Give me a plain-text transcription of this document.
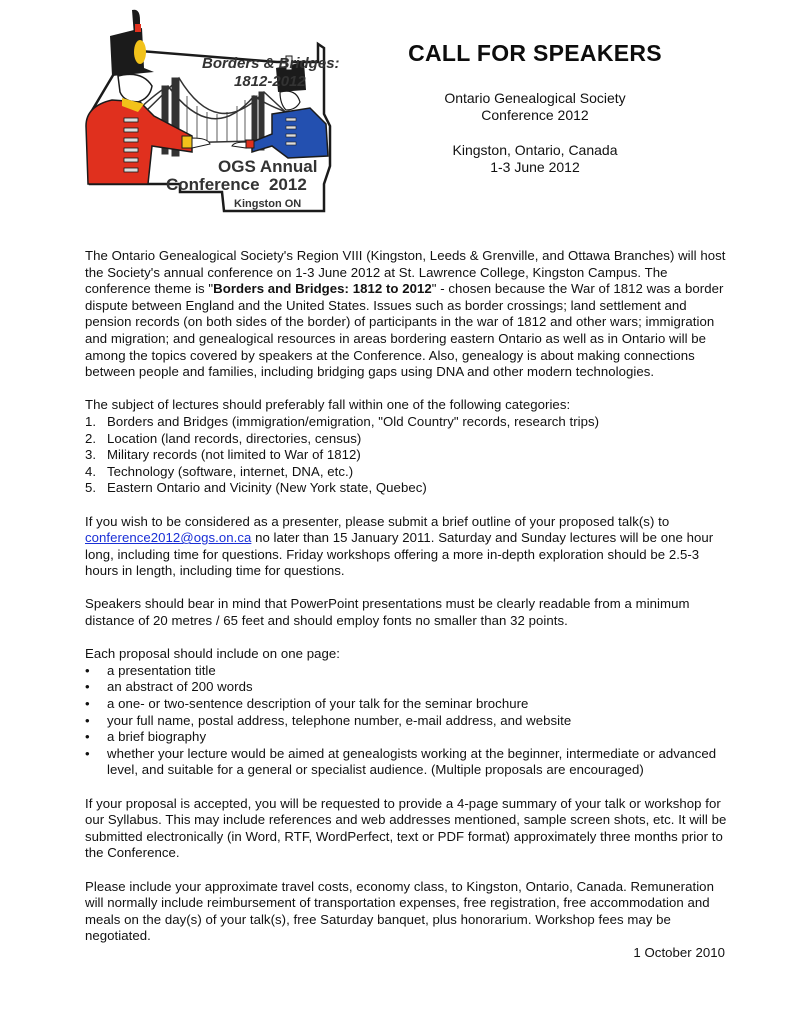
Borders & Bridges:
1812-2012
OGS Annual
Conference  2012
Kingston ON
CALL FOR SPEAKERS

Ontario Genealogical Society

Conference 2012

Kingston, Ontario, Canada

1-3 June 2012

The Ontario Genealogical Society's Region VIII (Kingston, Leeds & Grenville, and Ottawa Branches) will host the Society's annual conference on 1-3 June 2012 at St. Lawrence College, Kingston Campus. The conference theme is "Borders and Bridges: 1812 to 2012" - chosen because the War of 1812 was a border dispute between England and the United States. Issues such as border crossings; land settlement and pension records (on both sides of the border) of participants in the war of 1812 and other wars; immigration and migration; and genealogical resources in areas bordering eastern Ontario as well as in Ontario will be among the topics covered by speakers at the Conference. Also, genealogy is about making connections between people and families, including bridging gaps using DNA and other modern technologies.

The subject of lectures should preferably fall within one of the following categories:

1. Borders and Bridges (immigration/emigration, "Old Country" records, research trips)
2. Location (land records, directories, census)
3. Military records (not limited to War of 1812)
4. Technology (software, internet, DNA, etc.)
5. Eastern Ontario and Vicinity (New York state, Quebec)

If you wish to be considered as a presenter, please submit a brief outline of your proposed talk(s) to conference2012@ogs.on.ca no later than 15 January 2011. Saturday and Sunday lectures will be one hour long, including time for questions. Friday workshops offering a more in-depth exploration should be 2.5-3 hours in length, including time for questions.

Speakers should bear in mind that PowerPoint presentations must be clearly readable from a minimum distance of 20 metres / 65 feet and should employ fonts no smaller than 32 points.

Each proposal should include on one page:

•	a presentation title
•	an abstract of 200 words
•	a one- or two-sentence description of your talk for the seminar brochure
•	your full name, postal address, telephone number, e-mail address, and website
•	a brief biography
•	whether your lecture would be aimed at genealogists working at the beginner, intermediate or advanced level, and suitable for a general or specialist audience. (Multiple proposals are encouraged)

If your proposal is accepted, you will be requested to provide a 4-page summary of your talk or workshop for our Syllabus. This may include references and web addresses mentioned, sample screen shots, etc. It will be submitted electronically (in Word, RTF, WordPerfect, text or PDF format) approximately three months prior to the Conference.

Please include your approximate travel costs, economy class, to Kingston, Ontario, Canada. Remuneration will normally include reimbursement of transportation expenses, free registration, free accommodation and meals on the day(s) of your talk(s), free Saturday banquet, plus honorarium. Workshop fees may be negotiated.

1 October 2010
